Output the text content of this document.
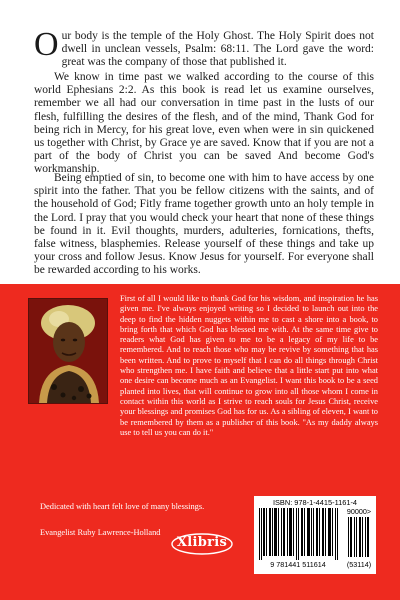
Our body is the temple of the Holy Ghost. The Holy Spirit does not dwell in unclean vessels, Psalm: 68:11. The Lord gave the word: great was the company of those that published it.

We know in time past we walked according to the course of this world Ephesians 2:2. As this book is read let us examine ourselves, remember we all had our conversation in time past in the lusts of our flesh, fulfilling the desires of the flesh, and of the mind, Thank God for being rich in Mercy, for his great love, even when were in sin quickened us together with Christ, by Grace ye are saved. Know that if you are not a part of the body of Christ you can be saved And become God's workmanship.

Being emptied of sin, to become one with him to have access by one spirit into the father. That you be fellow citizens with the saints, and of the household of God; Fitly frame together growth unto an holy temple in the Lord. I pray that you would check your heart that none of these things be found in it. Evil thoughts, murders, adulteries, fornications, thefts, false witness, blasphemies. Release yourself of these things and take up your cross and follow Jesus. Know Jesus for yourself. For everyone shall be rewarded according to his works.

First of all I would like to thank God for his wisdom, and inspiration he has given me. I've always enjoyed writing so I decided to launch out into the deep to find the hidden nuggets within me to cast a shore into a book, to bring forth that which God has blessed me with. At the same time give to readers what God has given to me to be a legacy of my life to be remembered. And to reach those who may be revive by something that has been written. And to prove to myself that I can do all things through Christ who strengthen me. I have faith and believe that a little start put into what one desire can become much as an Evangelist. I want this book to be a seed planted into lives, that will continue to grow into all those whom I come in contact within this world as I strive to reach souls for Jesus Christ, receive your blessings and promises God has for us. As a sibling of eleven, I want to be remembered by them as a publisher of this book. "As my daddy always use to tell us you can do it."

Dedicated with heart felt love of many blessings.

Evangelist Ruby Lawrence-Holland

Xlibris
ISBN: 978-1-4415-1161-4
9 781441 511614
90000>
(53114)
